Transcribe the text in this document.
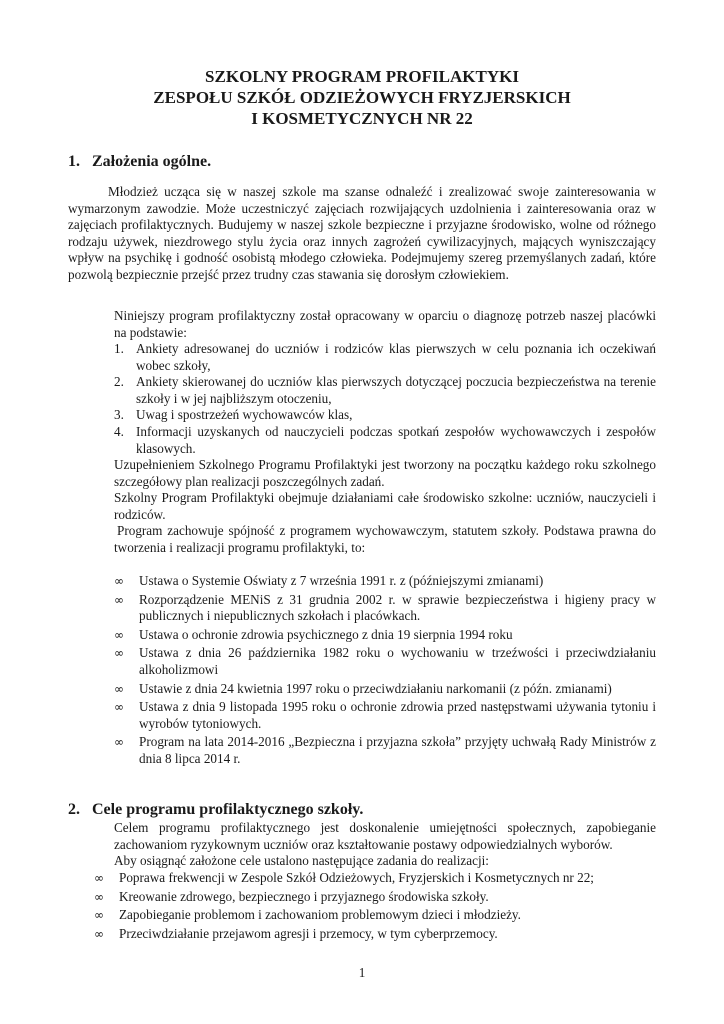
SZKOLNY PROGRAM PROFILAKTYKI
ZESPOŁU SZKÓŁ ODZIEŻOWYCH FRYZJERSKICH
I KOSMETYCZNYCH NR 22
1. Założenia ogólne.

Młodzież ucząca się w naszej szkole ma szanse odnaleźć i zrealizować swoje zainteresowania w wymarzonym zawodzie. Może uczestniczyć zajęciach rozwijających uzdolnienia i zainteresowania oraz w zajęciach profilaktycznych. Budujemy w naszej szkole bezpieczne i przyjazne środowisko, wolne od różnego rodzaju używek, niezdrowego stylu życia oraz innych zagrożeń cywilizacyjnych, mających wyniszczający wpływ na psychikę i godność osobistą młodego człowieka. Podejmujemy szereg przemyślanych zadań, które pozwolą bezpiecznie przejść przez trudny czas stawania się dorosłym człowiekiem.

Niniejszy program profilaktyczny został opracowany w oparciu o diagnozę potrzeb naszej placówki na podstawie:

1. Ankiety adresowanej do uczniów i rodziców klas pierwszych w celu poznania ich oczekiwań wobec szkoły,
2. Ankiety skierowanej do uczniów klas pierwszych dotyczącej poczucia bezpieczeństwa na terenie szkoły i w jej najbliższym otoczeniu,
3. Uwag i spostrzeżeń wychowawców klas,
4. Informacji uzyskanych od nauczycieli podczas spotkań zespołów wychowawczych i zespołów klasowych.

Uzupełnieniem Szkolnego Programu Profilaktyki jest tworzony na początku każdego roku szkolnego szczegółowy plan realizacji poszczególnych zadań.

Szkolny Program Profilaktyki obejmuje działaniami całe środowisko szkolne: uczniów, nauczycieli i rodziców.

Program zachowuje spójność z programem wychowawczym, statutem szkoły. Podstawa prawna do tworzenia i realizacji programu profilaktyki, to:

∞ Ustawa o Systemie Oświaty z 7 września 1991 r. z (późniejszymi zmianami)
∞ Rozporządzenie MENiS z 31 grudnia 2002 r. w sprawie bezpieczeństwa i higieny pracy w publicznych i niepublicznych szkołach i placówkach.
∞ Ustawa o ochronie zdrowia psychicznego z dnia 19 sierpnia 1994 roku
∞ Ustawa z dnia 26 października 1982 roku o wychowaniu w trzeźwości i przeciwdziałaniu alkoholizmowi
∞ Ustawie z dnia 24 kwietnia 1997 roku o przeciwdziałaniu narkomanii (z późn. zmianami)
∞ Ustawa z dnia 9 listopada 1995 roku o ochronie zdrowia przed następstwami używania tytoniu i wyrobów tytoniowych.
∞ Program na lata 2014-2016 „Bezpieczna i przyjazna szkoła” przyjęty uchwałą Rady Ministrów z dnia 8 lipca 2014 r.
2. Cele programu profilaktycznego szkoły.

Celem programu profilaktycznego jest doskonalenie umiejętności społecznych, zapobieganie zachowaniom ryzykownym uczniów oraz kształtowanie postawy odpowiedzialnych wyborów.

Aby osiągnąć założone cele ustalono następujące zadania do realizacji:

∞ Poprawa frekwencji w Zespole Szkół Odzieżowych, Fryzjerskich i Kosmetycznych nr 22;
∞ Kreowanie zdrowego, bezpiecznego i przyjaznego środowiska szkoły.
∞ Zapobieganie problemom i zachowaniom problemowym dzieci i młodzieży.
∞ Przeciwdziałanie przejawom agresji i przemocy, w tym cyberprzemocy.
1
